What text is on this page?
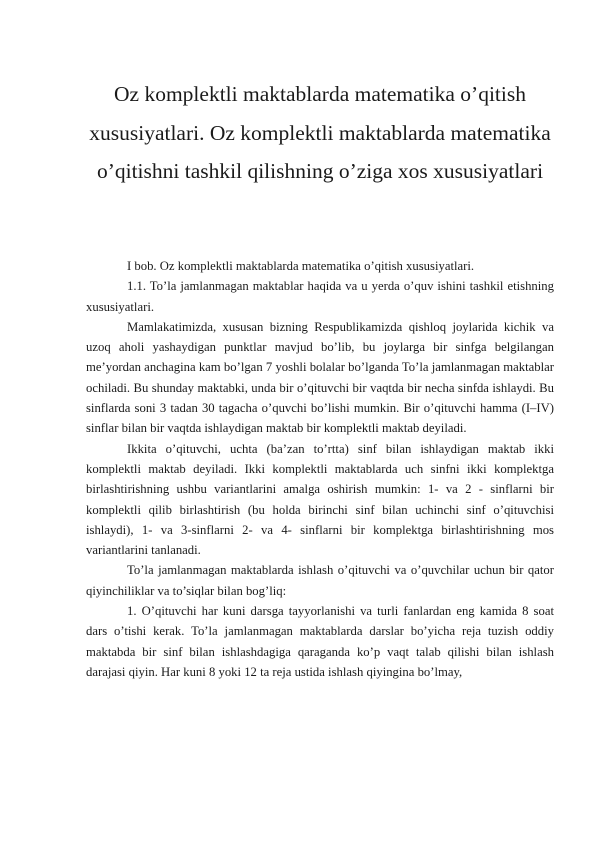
Oz komplektli maktablarda matematika o’qitish xususiyatlari. Oz komplektli maktablarda matematika o’qitishni tashkil qilishning o’ziga xos xususiyatlari

I bob. Oz komplektli maktablarda matematika o’qitish xususiyatlari.

1.1. To’la jamlanmagan maktablar haqida va u yerda o’quv ishini tashkil etishning xususiyatlari.

Mamlakatimizda, xususan bizning Respublikamizda qishloq joylarida kichik va uzoq aholi yashaydigan punktlar mavjud bo’lib, bu joylarga bir sinfga belgilangan me’yordan anchagina kam bo’lgan 7 yoshli bolalar bo’lganda To’la jamlanmagan maktablar ochiladi. Bu shunday maktabki, unda bir o’qituvchi bir vaqtda bir necha sinfda ishlaydi. Bu sinflarda soni 3 tadan 30 tagacha o’quvchi bo’lishi mumkin. Bir o’qituvchi hamma (I–IV) sinflar bilan bir vaqtda ishlaydigan maktab bir komplektli maktab deyiladi.

Ikkita o’qituvchi, uchta (ba’zan to’rtta) sinf bilan ishlaydigan maktab ikki komplektli maktab deyiladi. Ikki komplektli maktablarda uch sinfni ikki komplektga birlashtirishning ushbu variantlarini amalga oshirish mumkin: 1- va 2 - sinflarni bir komplektli qilib birlashtirish (bu holda birinchi sinf bilan uchinchi sinf o’qituvchisi ishlaydi), 1- va 3-sinflarni 2- va 4- sinflarni bir komplektga birlashtirishning mos variantlarini tanlanadi.

To’la jamlanmagan maktablarda ishlash o’qituvchi va o’quvchilar uchun bir qator qiyinchiliklar va to’siqlar bilan bog’liq:

1. O’qituvchi har kuni darsga tayyorlanishi va turli fanlardan eng kamida 8 soat dars o’tishi kerak. To’la jamlanmagan maktablarda darslar bo’yicha reja tuzish oddiy maktabda bir sinf bilan ishlashdagiga qaraganda ko’p vaqt talab qilishi bilan ishlash darajasi qiyin. Har kuni 8 yoki 12 ta reja ustida ishlash qiyingina bo’lmay,
